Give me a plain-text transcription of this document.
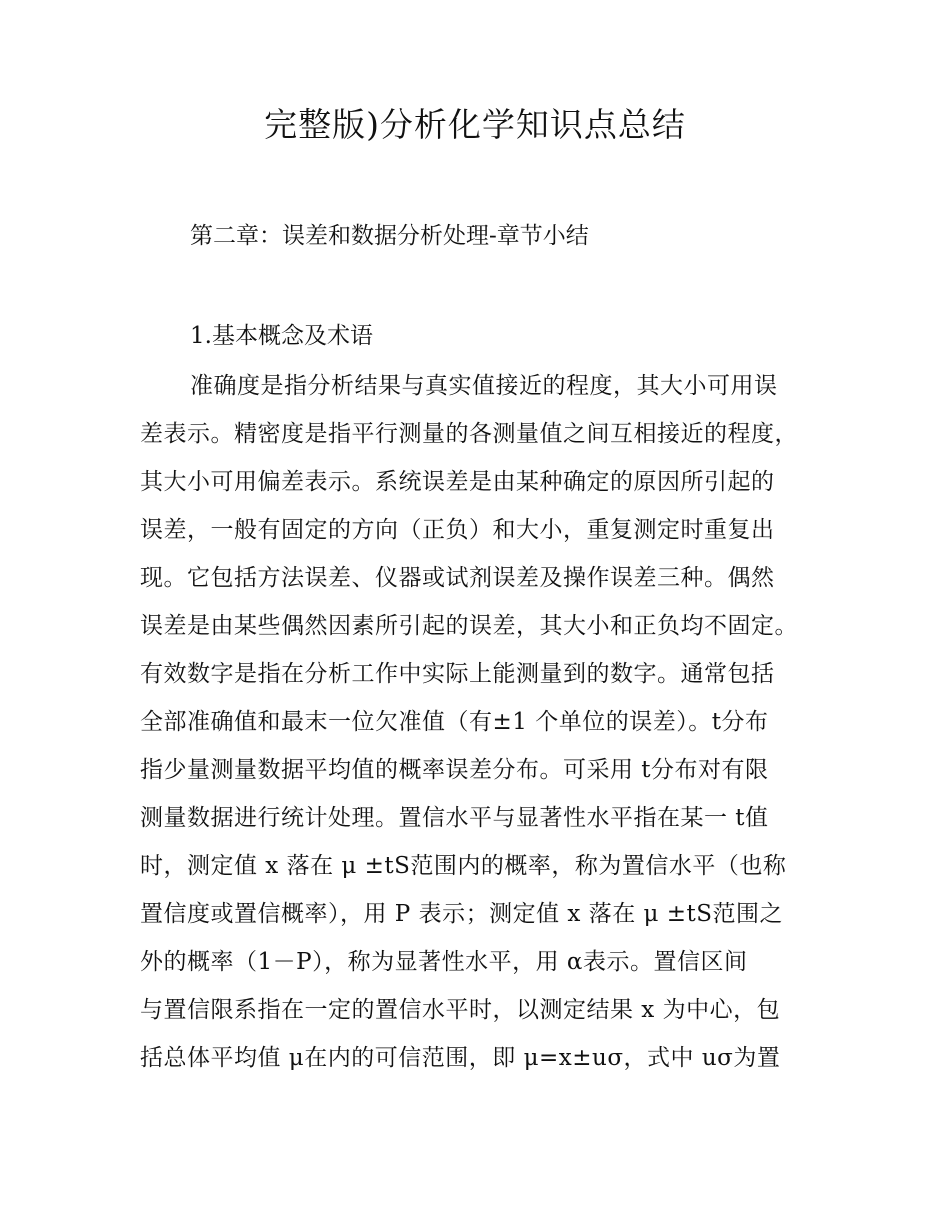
完整版)分析化学知识点总结

第二章：误差和数据分析处理-章节小结

1.基本概念及术语

准确度是指分析结果与真实值接近的程度，其大小可用误

差表示。精密度是指平行测量的各测量值之间互相接近的程度，

其大小可用偏差表示。系统误差是由某种确定的原因所引起的

误差，一般有固定的方向（正负）和大小，重复测定时重复出

现。它包括方法误差、仪器或试剂误差及操作误差三种。偶然

误差是由某些偶然因素所引起的误差，其大小和正负均不固定。

有效数字是指在分析工作中实际上能测量到的数字。通常包括

全部准确值和最末一位欠准值（有±1 个单位的误差）。t分布

指少量测量数据平均值的概率误差分布。可采用 t分布对有限

测量数据进行统计处理。置信水平与显著性水平指在某一 t值

时，测定值 x 落在 μ ±tS范围内的概率，称为置信水平（也称

置信度或置信概率），用 P 表示；测定值 x 落在 μ ±tS范围之

外的概率（1－P），称为显著性水平，用 α表示。置信区间

与置信限系指在一定的置信水平时，以测定结果 x 为中心，包

括总体平均值 μ在内的可信范围，即 μ=x±uσ，式中 uσ为置
